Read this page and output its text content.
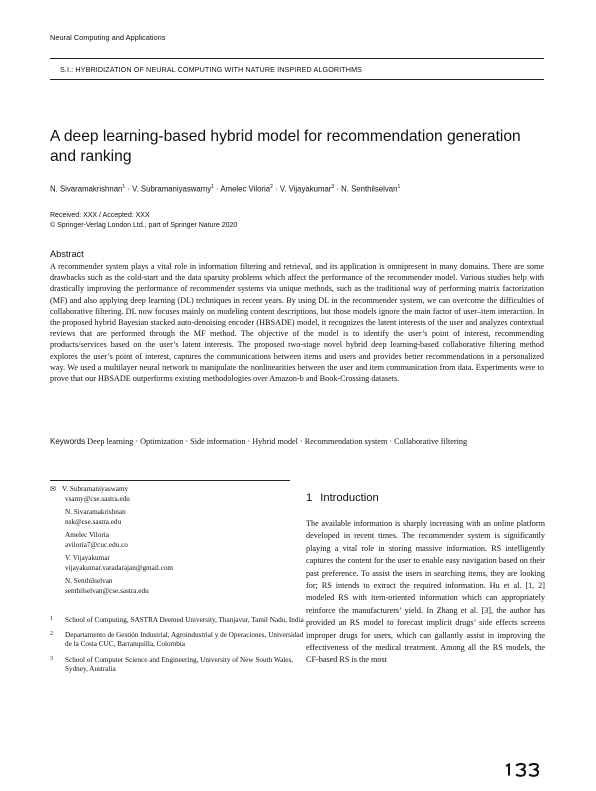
Neural Computing and Applications
S.I.: HYBRIDIZATION OF NEURAL COMPUTING WITH NATURE INSPIRED ALGORITHMS
A deep learning-based hybrid model for recommendation generation and ranking
N. Sivaramakrishnan$^1$ · V. Subramaniyaswamy$^1$ · Amelec Viloria$^2$ · V. Vijayakumar$^3$ · N. Senthilselvan$^1$
Received: XXX / Accepted: XXX
© Springer-Verlag London Ltd., part of Springer Nature 2020
Abstract

A recommender system plays a vital role in information filtering and retrieval, and its application is omnipresent in many domains. There are some drawbacks such as the cold-start and the data sparsity problems which affect the performance of the recommender model. Various studies help with drastically improving the performance of recommender systems via unique methods, such as the traditional way of performing matrix factorization (MF) and also applying deep learning (DL) techniques in recent years. By using DL in the recommender system, we can overcome the difficulties of collaborative filtering. DL now focuses mainly on modeling content descriptions, but those models ignore the main factor of user–item interaction. In the proposed hybrid Bayesian stacked auto-denoising encoder (HBSADE) model, it recognizes the latent interests of the user and analyzes contextual reviews that are performed through the MF method. The objective of the model is to identify the user’s point of interest, recommending products/services based on the user’s latent interests. The proposed two-stage novel hybrid deep learning-based collaborative filtering method explores the user’s point of interest, captures the communications between items and users and provides better recommendations in a personalized way. We used a multilayer neural network to manipulate the nonlinearities between the user and item communication from data. Experiments were to prove that our HBSADE outperforms existing methodologies over Amazon-b and Book-Crossing datasets.

Keywords Deep learning · Optimization · Side information · Hybrid model · Recommendation system · Collaborative filtering
✉ V. Subramaniyaswamy
vsamy@cse.sastra.edu
N. Sivaramakrishnan
nsk@cse.sastra.edu
Amelec Viloria
aviloria7@cuc.edu.co
V. Vijayakumar
vijayakumar.varadarajan@gmail.com
N. Senthilselvan
senthilselvan@cse.sastra.edu
1 School of Computing, SASTRA Deemed University, Thanjavur, Tamil Nadu, India
2 Departamento de Gestión Industrial, Agroindustrial y de Operaciones, Universidad de la Costa CUC, Barranquilla, Colombia
3 School of Computer Science and Engineering, University of New South Wales, Sydney, Australia
1 Introduction

The available information is sharply increasing with an online platform developed in recent times. The recommender system is significantly playing a vital role in storing massive information. RS intelligently captures the content for the user to enable easy navigation based on their past preference. To assist the users in searching items, they are looking for; RS intends to extract the required information. Hu et al. [1, 2] modeled RS with item-oriented information which can appropriately reinforce the manufacturers’ yield. In Zhang et al. [3], the author has provided an RS model to forecast implicit drugs’ side effects screens improper drugs for users, which can gallantly assist in improving the effectiveness of the medical treatment. Among all the RS models, the CF-based RS is the most
